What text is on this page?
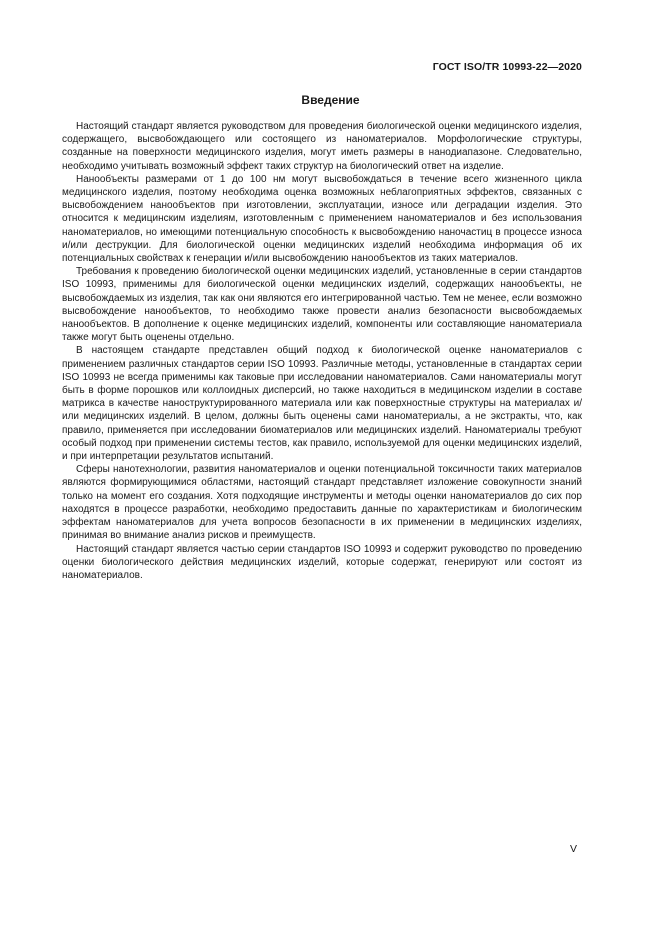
ГОСТ ISO/TR 10993-22—2020
Введение

Настоящий стандарт является руководством для проведения биологической оценки медицинского изделия, содержащего, высвобождающего или состоящего из наноматериалов. Морфологические структуры, созданные на поверхности медицинского изделия, могут иметь размеры в нанодиапазоне. Следовательно, необходимо учитывать возможный эффект таких структур на биологический ответ на изделие.

Нанообъекты размерами от 1 до 100 нм могут высвобождаться в течение всего жизненного цикла медицинского изделия, поэтому необходима оценка возможных неблагоприятных эффектов, связанных с высвобождением нанообъектов при изготовлении, эксплуатации, износе или деградации изделия. Это относится к медицинским изделиям, изготовленным с применением наноматериалов и без использования наноматериалов, но имеющими потенциальную способность к высвобождению наночастиц в процессе износа и/или деструкции. Для биологической оценки медицинских изделий необходима информация об их потенциальных свойствах к генерации и/или высвобождению нанообъектов из таких материалов.

Требования к проведению биологической оценки медицинских изделий, установленные в серии стандартов ISO 10993, применимы для биологической оценки медицинских изделий, содержащих нанообъекты, не высвобождаемых из изделия, так как они являются его интегрированной частью. Тем не менее, если возможно высвобождение нанообъектов, то необходимо также провести анализ безопасности высвобождаемых нанообъектов. В дополнение к оценке медицинских изделий, компоненты или составляющие наноматериала также могут быть оценены отдельно.

В настоящем стандарте представлен общий подход к биологической оценке наноматериалов с применением различных стандартов серии ISO 10993. Различные методы, установленные в стандартах серии ISO 10993 не всегда применимы как таковые при исследовании наноматериалов. Сами наноматериалы могут быть в форме порошков или коллоидных дисперсий, но также находиться в медицинском изделии в составе матрикса в качестве наноструктурированного материала или как поверхностные структуры на материалах и/или медицинских изделий. В целом, должны быть оценены сами наноматериалы, а не экстракты, что, как правило, применяется при исследовании биоматериалов или медицинских изделий. Наноматериалы требуют особый подход при применении системы тестов, как правило, используемой для оценки медицинских изделий, и при интерпретации результатов испытаний.

Сферы нанотехнологии, развития наноматериалов и оценки потенциальной токсичности таких материалов являются формирующимися областями, настоящий стандарт представляет изложение совокупности знаний только на момент его создания. Хотя подходящие инструменты и методы оценки наноматериалов до сих пор находятся в процессе разработки, необходимо предоставить данные по характеристикам и биологическим эффектам наноматериалов для учета вопросов безопасности в их применении в медицинских изделиях, принимая во внимание анализ рисков и преимуществ.

Настоящий стандарт является частью серии стандартов ISO 10993 и содержит руководство по проведению оценки биологического действия медицинских изделий, которые содержат, генерируют или состоят из наноматериалов.

V
